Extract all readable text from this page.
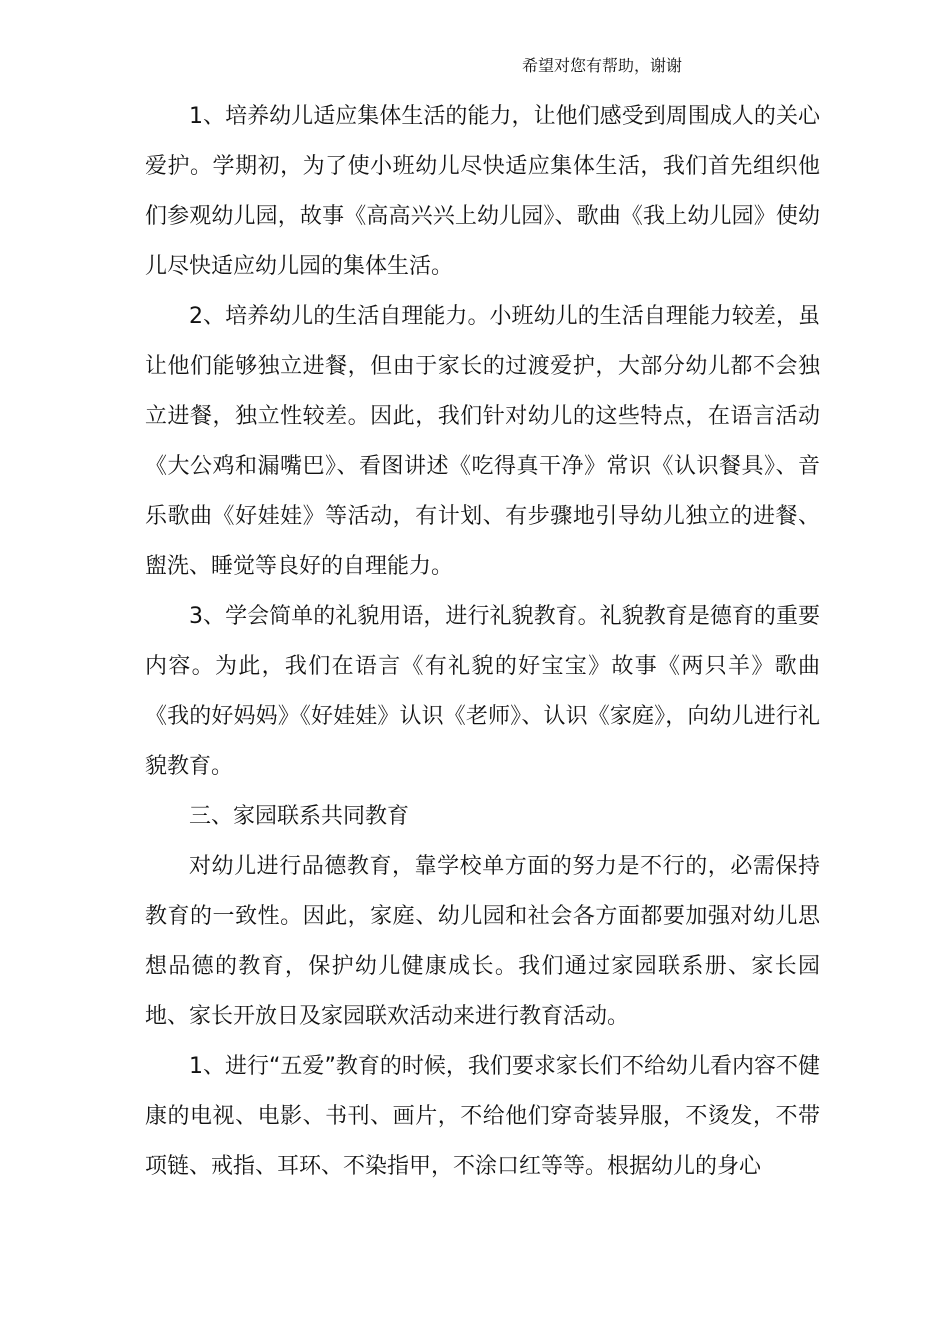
希望对您有帮助，谢谢

1、培养幼儿适应集体生活的能力，让他们感受到周围成人的关心爱护。学期初，为了使小班幼儿尽快适应集体生活，我们首先组织他们参观幼儿园，故事《高高兴兴上幼儿园》、歌曲《我上幼儿园》使幼儿尽快适应幼儿园的集体生活。

2、培养幼儿的生活自理能力。小班幼儿的生活自理能力较差，虽让他们能够独立进餐，但由于家长的过渡爱护，大部分幼儿都不会独立进餐，独立性较差。因此，我们针对幼儿的这些特点，在语言活动《大公鸡和漏嘴巴》、看图讲述《吃得真干净》常识《认识餐具》、音乐歌曲《好娃娃》等活动，有计划、有步骤地引导幼儿独立的进餐、盥洗、睡觉等良好的自理能力。

3、学会简单的礼貌用语，进行礼貌教育。礼貌教育是德育的重要内容。为此，我们在语言《有礼貌的好宝宝》故事《两只羊》歌曲《我的好妈妈》《好娃娃》认识《老师》、认识《家庭》，向幼儿进行礼貌教育。

三、家园联系共同教育

对幼儿进行品德教育，靠学校单方面的努力是不行的，必需保持教育的一致性。因此，家庭、幼儿园和社会各方面都要加强对幼儿思想品德的教育，保护幼儿健康成长。我们通过家园联系册、家长园地、家长开放日及家园联欢活动来进行教育活动。

1、进行“五爱”教育的时候，我们要求家长们不给幼儿看内容不健康的电视、电影、书刊、画片，不给他们穿奇装异服，不烫发，不带项链、戒指、耳环、不染指甲，不涂口红等等。根据幼儿的身心
